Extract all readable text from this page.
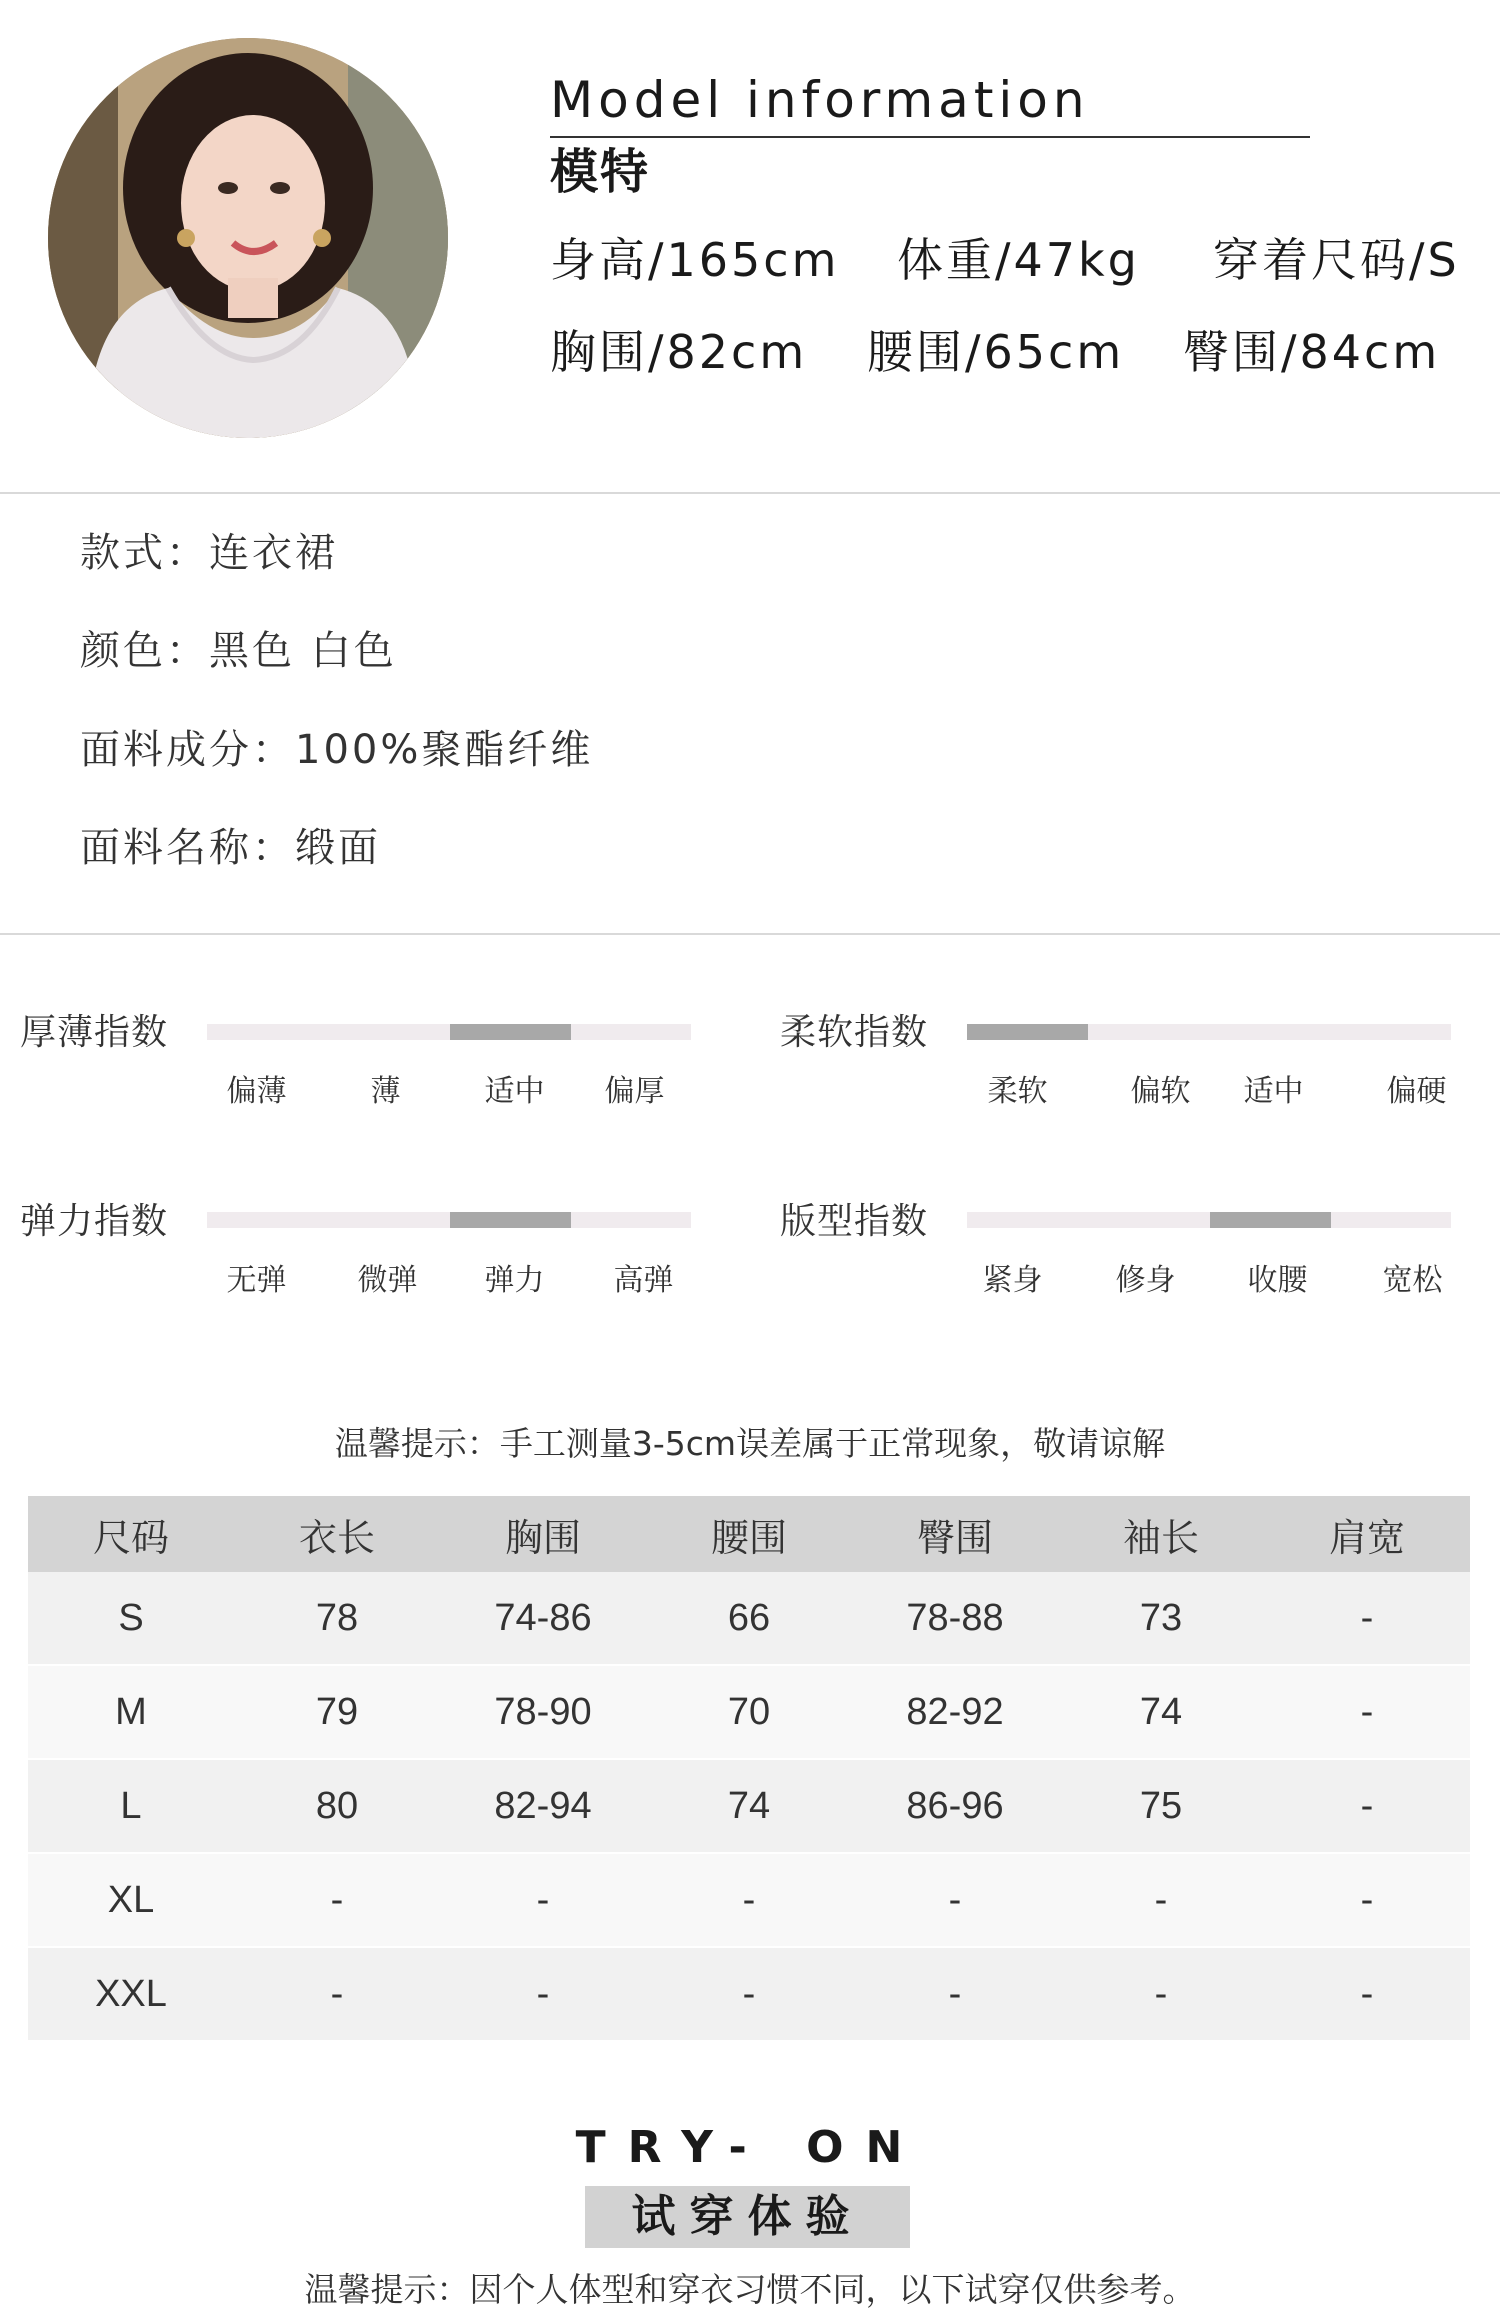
Model information
模特
身高/165cm 体重/47kg 穿着尺码/S
胸围/82cm 腰围/65cm 臀围/84cm
款式：连衣裙
颜色：黑色 白色
面料成分：100%聚酯纤维
面料名称：缎面
厚薄指数
偏薄	薄	适中	偏厚
柔软指数
柔软	偏软	适中	偏硬
弹力指数
无弹	微弹	弹力	高弹
版型指数
紧身	修身	收腰	宽松
温馨提示：手工测量3-5cm误差属于正常现象，敬请谅解
尺码	衣长	胸围	腰围	臀围	袖长	肩宽
S	78	74-86	66	78-88	73	-
M	79	78-90	70	82-92	74	-
L	80	82-94	74	86-96	75	-
XL	-	-	-	-	-	-
XXL	-	-	-	-	-	-
TRY- ON
试穿体验
温馨提示：因个人体型和穿衣习惯不同，以下试穿仅供参考。
